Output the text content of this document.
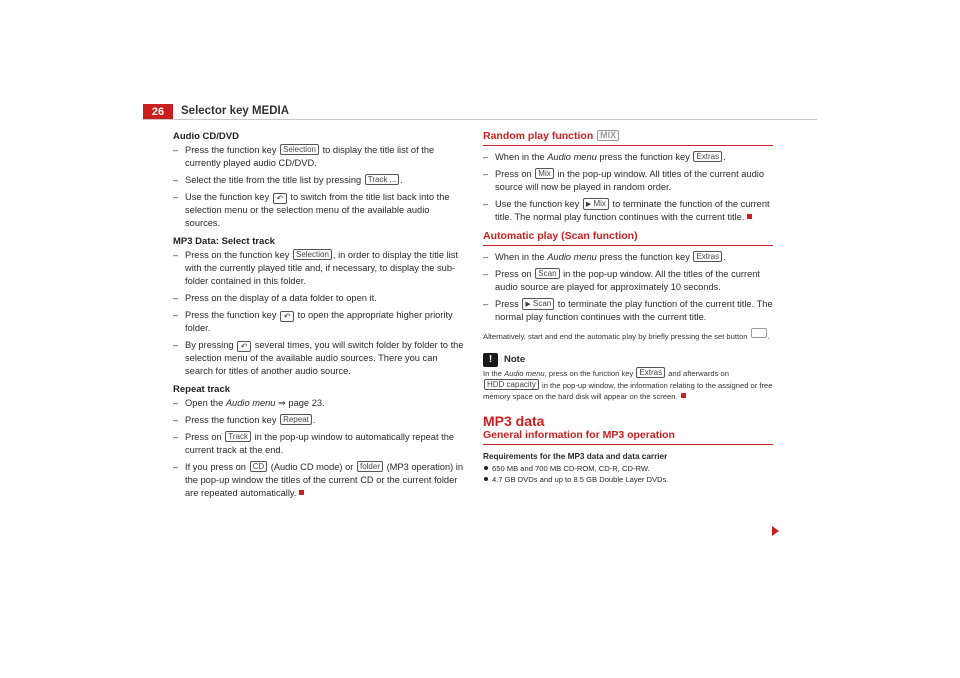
26	Selector key MEDIA
Audio CD/DVD
– Press the function key Selection to display the title list of the currently played audio CD/DVD.
– Select the title from the title list by pressing Track ... .
– Use the function key ↶ to switch from the title list back into the selection menu or the selection menu of the available audio sources.
MP3 Data: Select track
– Press on the function key Selection , in order to display the title list with the currently played title and, if necessary, to display the sub-folder contained in this folder.
– Press on the display of a data folder to open it.
– Press the function key ↶ to open the appropriate higher priority folder.
– By pressing ↶ several times, you will switch folder by folder to the selection menu of the available audio sources. There you can search for titles of another audio source.
Repeat track
– Open the Audio menu ⇒ page 23.
– Press the function key Repeat .
– Press on Track in the pop-up window to automatically repeat the current track at the end.
– If you press on CD (Audio CD mode) or folder (MP3 operation) in the pop-up window the titles of the current CD or the current folder are repeated automatically.
Random play function MIX
– When in the Audio menu press the function key Extras .
– Press on Mix in the pop-up window. All titles of the current audio source will now be played in random order.
– Use the function key ▶ Mix to terminate the function of the current title. The normal play function continues with the current title.
Automatic play (Scan function)
– When in the Audio menu press the function key Extras .
– Press on Scan in the pop-up window. All the titles of the current audio source are played for approximately 10 seconds.
– Press ▶ Scan to terminate the play function of the current title. The normal play function continues with the current title.
Alternatively, start and end the automatic play by briefly pressing the set button .
!	Note
In the Audio menu, press on the function key Extras and afterwards on HDD capacity in the pop-up window, the information relating to the assigned or free memory space on the hard disk will appear on the screen.
MP3 data
General information for MP3 operation
Requirements for the MP3 data and data carrier
650 MB and 700 MB CD-ROM, CD-R, CD-RW.
4.7 GB DVDs and up to 8.5 GB Double Layer DVDs.
